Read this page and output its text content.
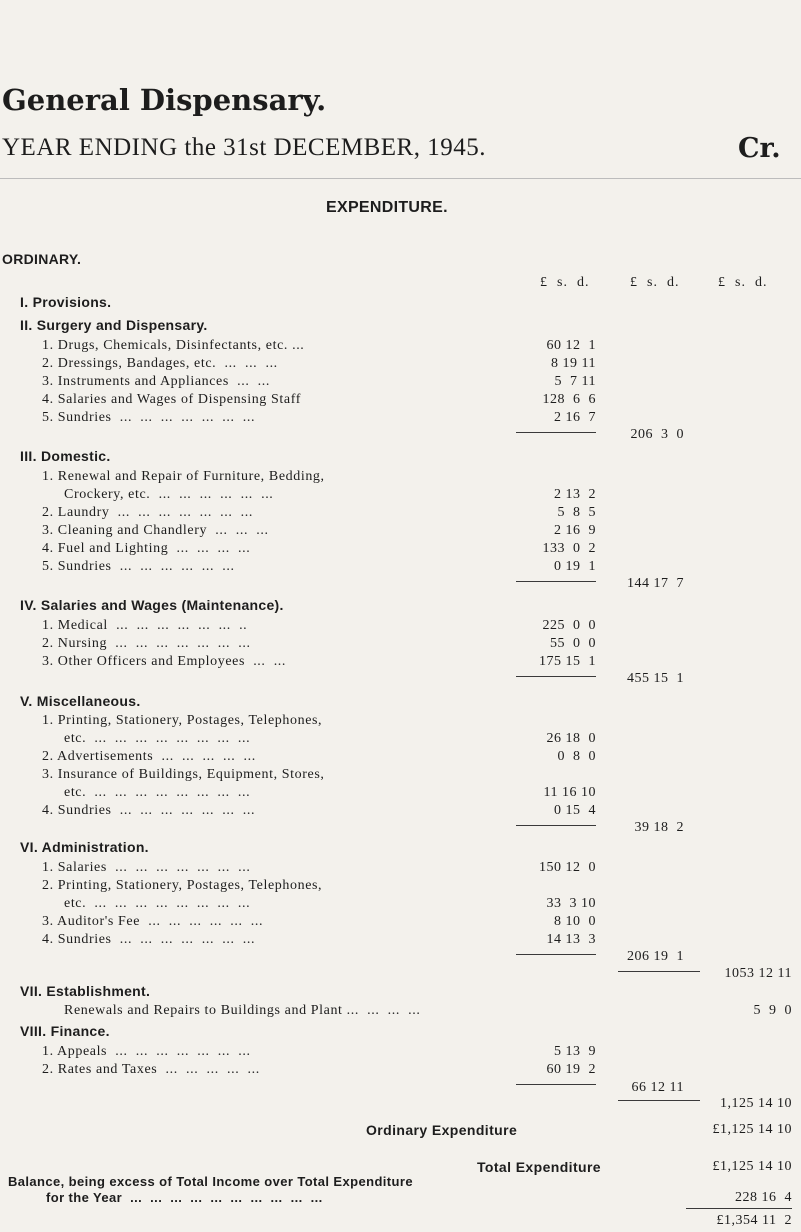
General Dispensary.
YEAR ENDING the 31st DECEMBER, 1945.	Cr.
EXPENDITURE.
ORDINARY.
£  s.  d.	£  s.  d.	£  s.  d.
I. Provisions.
II. Surgery and Dispensary.
1. Drugs, Chemicals, Disinfectants, etc. ...	60 12  1
2. Dressings, Bandages, etc.  ...  ...  ...	8 19 11
3. Instruments and Appliances  ...  ...	5  7 11
4. Salaries and Wages of Dispensing Staff	128  6  6
5. Sundries  ...  ...  ...  ...  ...  ...  ...	2 16  7
206  3  0
III. Domestic.
1. Renewal and Repair of Furniture, Bedding,
Crockery, etc.  ...  ...  ...  ...  ...  ...	2 13  2
2. Laundry  ...  ...  ...  ...  ...  ...  ...	5  8  5
3. Cleaning and Chandlery  ...  ...  ...	2 16  9
4. Fuel and Lighting  ...  ...  ...  ...	133  0  2
5. Sundries  ...  ...  ...  ...  ...  ...	0 19  1
144 17  7
IV. Salaries and Wages (Maintenance).
1. Medical  ...  ...  ...  ...  ...  ...  ..	225  0  0
2. Nursing  ...  ...  ...  ...  ...  ...  ...	55  0  0
3. Other Officers and Employees  ...  ...	175 15  1
455 15  1
V. Miscellaneous.
1. Printing, Stationery, Postages, Telephones,
etc.  ...  ...  ...  ...  ...  ...  ...  ...	26 18  0
2. Advertisements  ...  ...  ...  ...  ...	0  8  0
3. Insurance of Buildings, Equipment, Stores,
etc.  ...  ...  ...  ...  ...  ...  ...  ...	11 16 10
4. Sundries  ...  ...  ...  ...  ...  ...  ...	0 15  4
39 18  2
VI. Administration.
1. Salaries  ...  ...  ...  ...  ...  ...  ...	150 12  0
2. Printing, Stationery, Postages, Telephones,
etc.  ...  ...  ...  ...  ...  ...  ...  ...	33  3 10
3. Auditor's Fee  ...  ...  ...  ...  ...  ...	8 10  0
4. Sundries  ...  ...  ...  ...  ...  ...  ...	14 13  3
206 19  1
1053 12 11
VII. Establishment.
Renewals and Repairs to Buildings and Plant ...  ...  ...  ...	5  9  0
VIII. Finance.
1. Appeals  ...  ...  ...  ...  ...  ...  ...	5 13  9
2. Rates and Taxes  ...  ...  ...  ...  ...	60 19  2
66 12 11
1,125 14 10
Ordinary Expenditure	£1,125 14 10
Total Expenditure	£1,125 14 10
Balance, being excess of Total Income over Total Expenditure
for the Year  ...  ...  ...  ...  ...  ...  ...  ...  ...  ...	228 16  4
£1,354 11  2
